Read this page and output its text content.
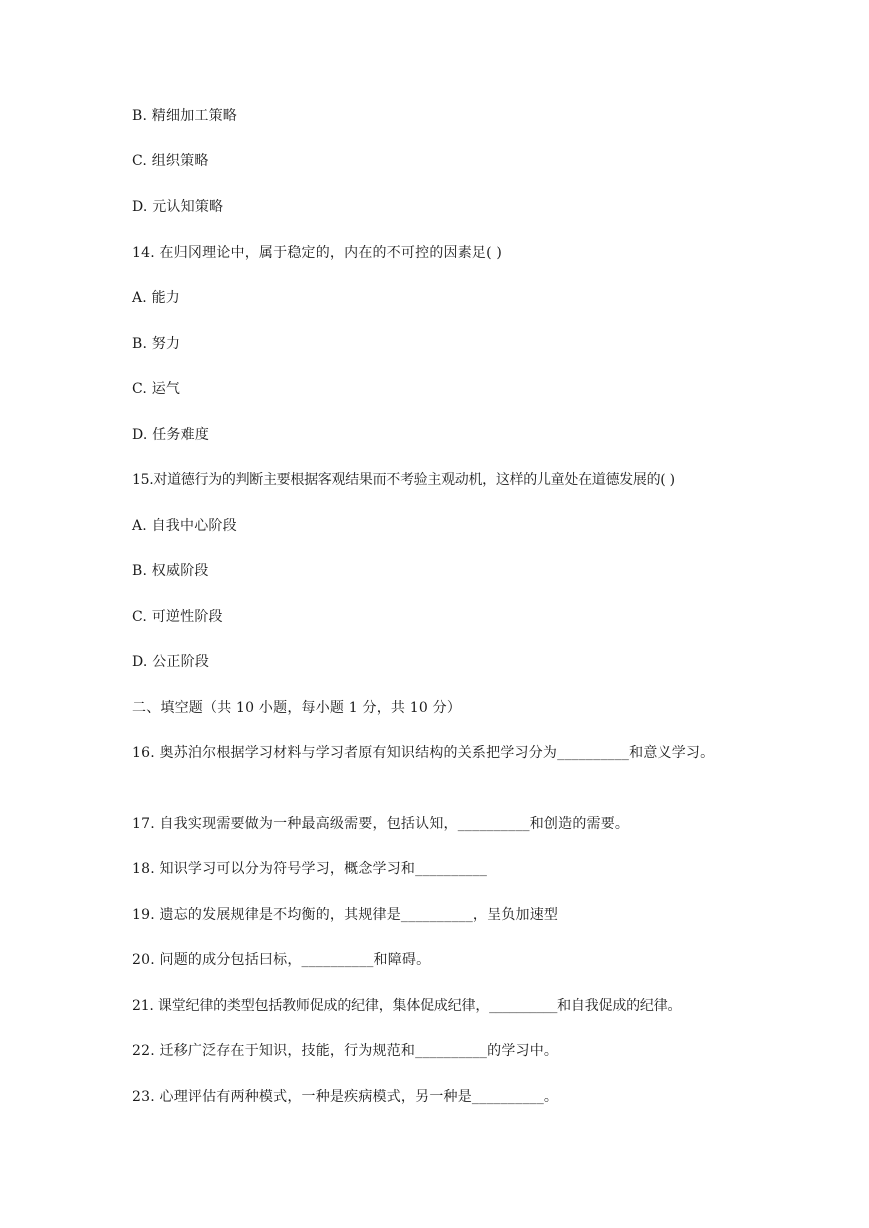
B. 精细加工策略
C. 组织策略
D. 元认知策略
14. 在归冈理论中，属于稳定的，内在的不可控的因素足( )
A. 能力
B. 努力
C. 运气
D. 任务难度
15.对道德行为的判断主要根据客观结果而不考验主观动机，这样的儿童处在道德发展的( )
A. 自我中心阶段
B. 权威阶段
C. 可逆性阶段
D. 公正阶段
二、填空题（共 10 小题，每小题 1 分，共 10 分）
16. 奥苏泊尔根据学习材料与学习者原有知识结构的关系把学习分为__________和意义学习。
17. 自我实现需要做为一种最高级需要，包括认知，__________和创造的需要。
18. 知识学习可以分为符号学习，概念学习和__________
19. 遗忘的发展规律是不均衡的，其规律是__________，呈负加速型
20. 问题的成分包括曰标，__________和障碍。
21. 课堂纪律的类型包括教师促成的纪律，集体促成纪律，__________和自我促成的纪律。
22. 迁移广泛存在于知识，技能，行为规范和__________的学习中。
23. 心理评估有两种模式，一种是疾病模式，另一种是__________。
